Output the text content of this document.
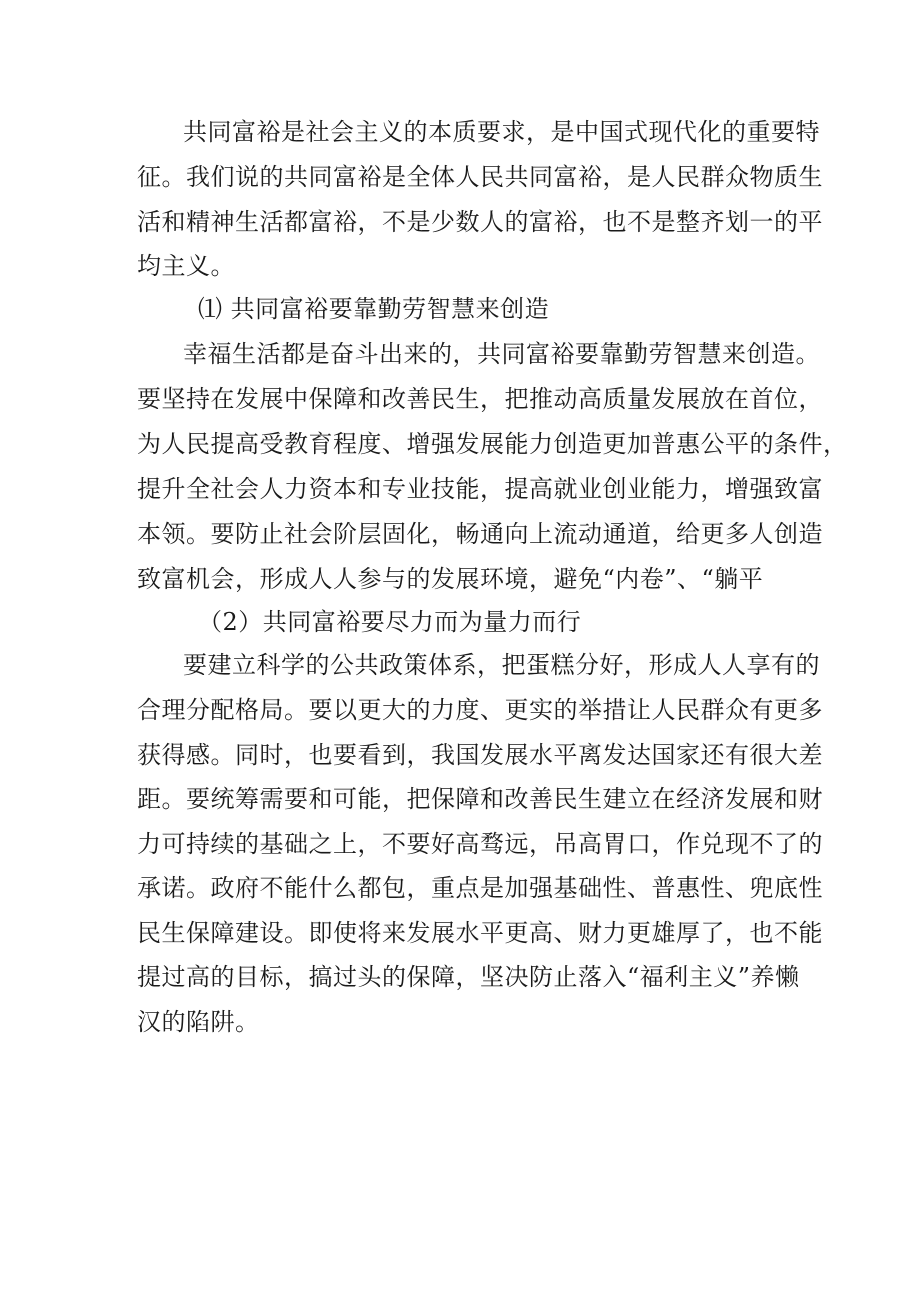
共同富裕是社会主义的本质要求，是中国式现代化的重要特
征。我们说的共同富裕是全体人民共同富裕，是人民群众物质生
活和精神生活都富裕，不是少数人的富裕，也不是整齐划一的平
均主义。
⑴ 共同富裕要靠勤劳智慧来创造
幸福生活都是奋斗出来的，共同富裕要靠勤劳智慧来创造。
要坚持在发展中保障和改善民生，把推动高质量发展放在首位，
为人民提高受教育程度、增强发展能力创造更加普惠公平的条件，
提升全社会人力资本和专业技能，提高就业创业能力，增强致富
本领。要防止社会阶层固化，畅通向上流动通道，给更多人创造
致富机会，形成人人参与的发展环境，避免“内卷”、“躺平
（2）共同富裕要尽力而为量力而行
要建立科学的公共政策体系，把蛋糕分好，形成人人享有的
合理分配格局。要以更大的力度、更实的举措让人民群众有更多
获得感。同时，也要看到，我国发展水平离发达国家还有很大差
距。要统筹需要和可能，把保障和改善民生建立在经济发展和财
力可持续的基础之上，不要好高骛远，吊高胃口，作兑现不了的
承诺。政府不能什么都包，重点是加强基础性、普惠性、兜底性
民生保障建设。即使将来发展水平更高、财力更雄厚了，也不能
提过高的目标，搞过头的保障，坚决防止落入“福利主义”养懒
汉的陷阱。
